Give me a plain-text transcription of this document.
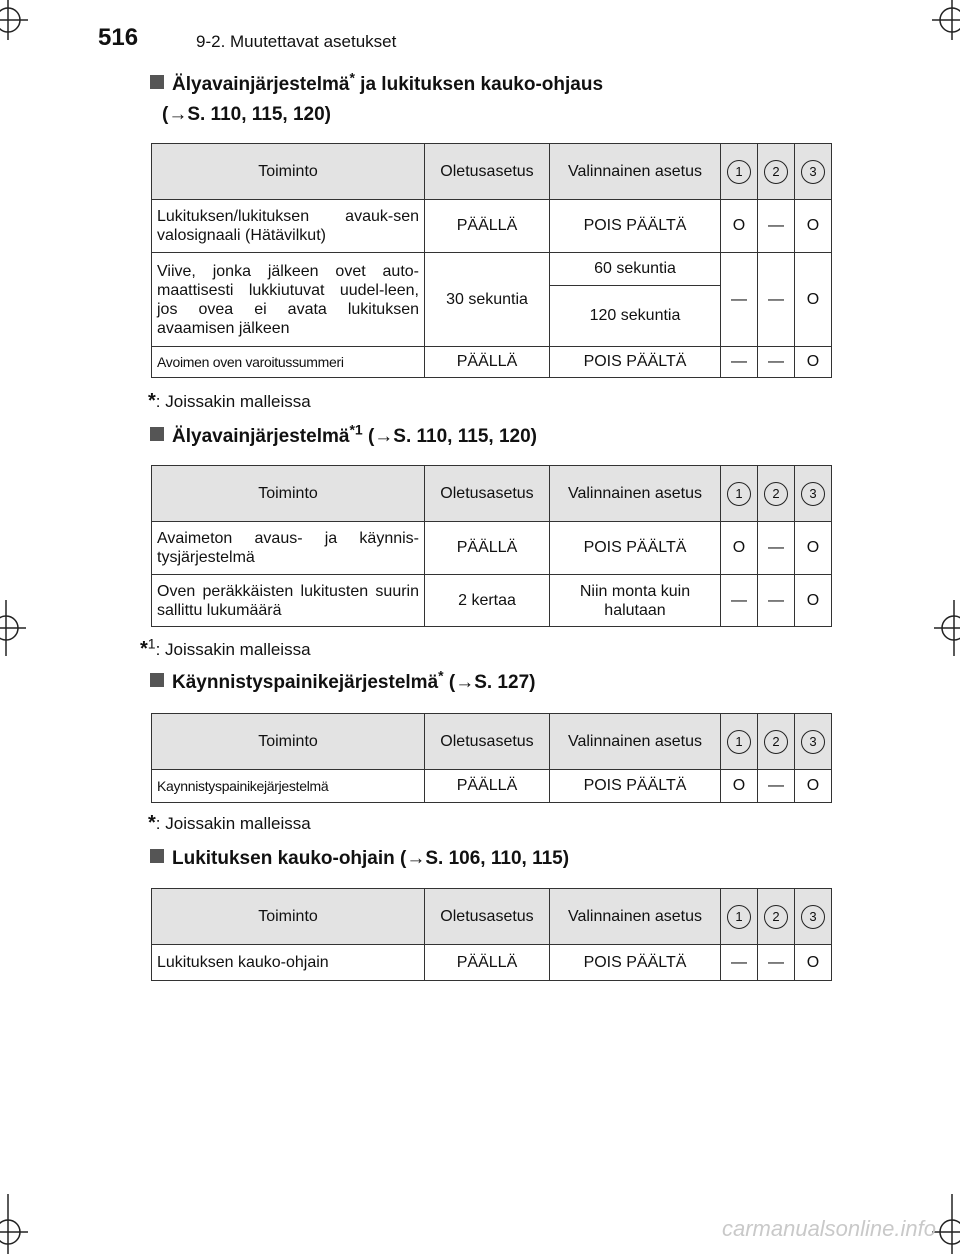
516	9-2. Muutettavat asetukset
Älyavainjärjestelmä* ja lukituksen kauko-ohjaus
(→S. 110, 115, 120)
Toiminto	Oletusasetus	Valinnainen asetus	1	2	3
Lukituksen/lukituksen avauk-sen valosignaali (Hätävilkut)	PÄÄLLÄ	POIS PÄÄLTÄ	O	—	O
Viive, jonka jälkeen ovet auto-maattisesti lukkiutuvat uudel-leen, jos ovea ei avata lukituksen avaamisen jälkeen	30 sekuntia	60 sekuntia	—	—	O
		120 sekuntia			
Avoimen oven varoitussummeri	PÄÄLLÄ	POIS PÄÄLTÄ	—	—	O
*: Joissakin malleissa
Älyavainjärjestelmä$^{*1}$ (→S. 110, 115, 120)
Toiminto	Oletusasetus	Valinnainen asetus	1	2	3
Avaimeton avaus- ja käynnis-tysjärjestelmä	PÄÄLLÄ	POIS PÄÄLTÄ	O	—	O
Oven peräkkäisten lukitusten suurin sallittu lukumäärä	2 kertaa	Niin monta kuin halutaan	—	—	O
*$^1$: Joissakin malleissa
Käynnistyspainikejärjestelmä* (→S. 127)
Toiminto	Oletusasetus	Valinnainen asetus	1	2	3
Kaynnistyspainikejärjestelmä	PÄÄLLÄ	POIS PÄÄLTÄ	O	—	O
*: Joissakin malleissa
Lukituksen kauko-ohjain (→S. 106, 110, 115)
Toiminto	Oletusasetus	Valinnainen asetus	1	2	3
Lukituksen kauko-ohjain	PÄÄLLÄ	POIS PÄÄLTÄ	—	—	O
carmanualsonline.info
